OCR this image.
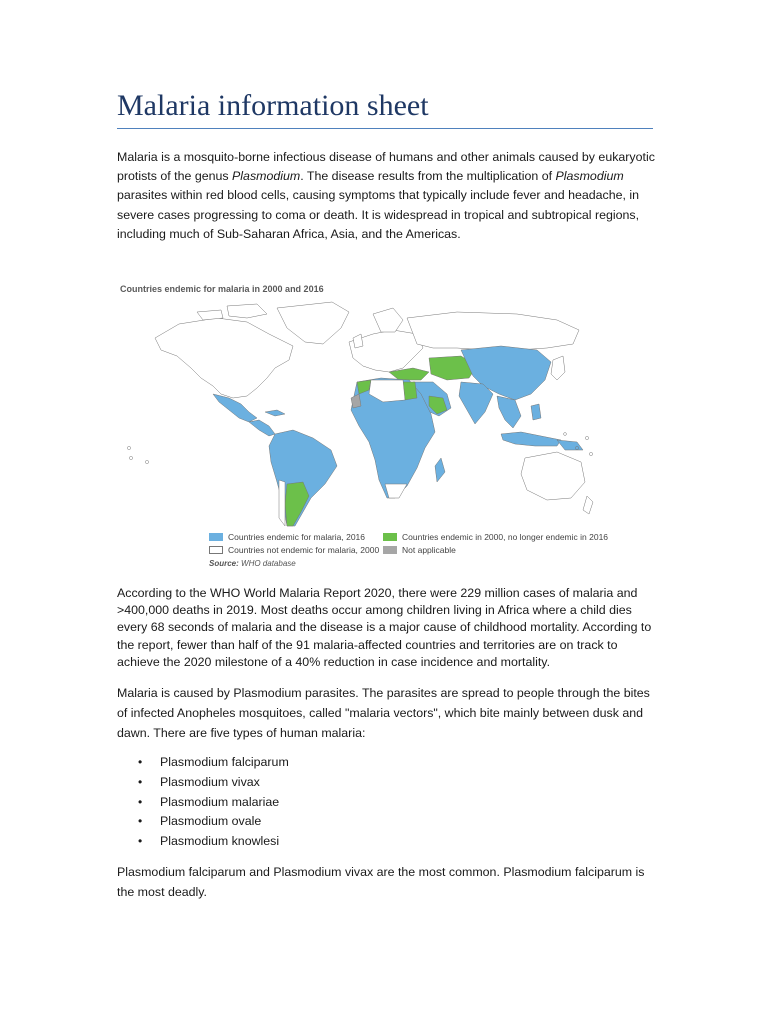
Malaria information sheet

Malaria is a mosquito-borne infectious disease of humans and other animals caused by eukaryotic protists of the genus Plasmodium. The disease results from the multiplication of Plasmodium parasites within red blood cells, causing symptoms that typically include fever and headache, in severe cases progressing to coma or death. It is widespread in tropical and subtropical regions, including much of Sub-Saharan Africa, Asia, and the Americas.

Countries endemic for malaria in 2000 and 2016
Countries endemic for malaria, 2016	Countries endemic in 2000, no longer endemic in 2016
Countries not endemic for malaria, 2000	Not applicable
Source: WHO database

According to the WHO World Malaria Report 2020, there were 229 million cases of malaria and >400,000 deaths in 2019. Most deaths occur among children living in Africa where a child dies every 68 seconds of malaria and the disease is a major cause of childhood mortality. According to the report, fewer than half of the 91 malaria-affected countries and territories are on track to achieve the 2020 milestone of a 40% reduction in case incidence and mortality.

Malaria is caused by Plasmodium parasites. The parasites are spread to people through the bites of infected Anopheles mosquitoes, called "malaria vectors", which bite mainly between dusk and dawn. There are five types of human malaria:

• Plasmodium falciparum
• Plasmodium vivax
• Plasmodium malariae
• Plasmodium ovale
• Plasmodium knowlesi

Plasmodium falciparum and Plasmodium vivax are the most common. Plasmodium falciparum is the most deadly.
